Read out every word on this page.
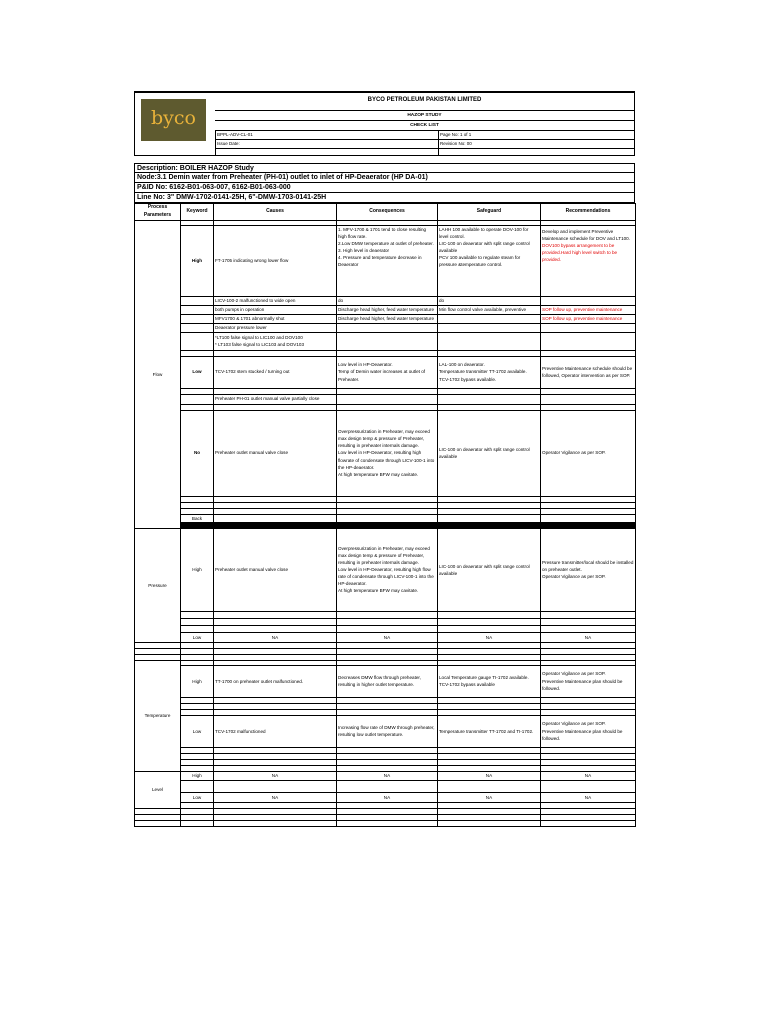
byco
BYCO PETROLEUM PAKISTAN LIMITED
HAZOP STUDY
CHECK LIST
BPPL-ADV-CL-01	Page No: 1 of 1
Issue Date:	Revision No: 00
Description: BOILER HAZOP Study
Node:3.1 Demin water from Preheater (PH-01) outlet to inlet of HP-Deaerator (HP DA-01)
P&ID No: 6162-B01-063-007, 6162-B01-063-000
Line No: 3" DMW-1702-0141-25H, 6"-DMW-1703-0141-25H
Process Parameters	Keyword	Causes	Consequences	Safeguard	Recommendations
Flow					
	High	FT-1705 indicating wrong lower flow	1. MFV-1700 & 1701 tend to close resulting high flow rate.
2.Low DMW temperature at outlet of preheater.
3. High level in deaerator
4. Pressure and temperature decrease in Deaerator	LAHH 100 available to operate DOV-100 for level control.
LIC-100 on deaerator with split range control available
PCV 100 available to regulate steam for pressure &temperature control.	Develop and implement Preventive Maintenance schedule for DOV and LT100. DOV100 bypass arrangement to be provided.Hard high level switch to be provided.
		LICV-100-2 malfunctioned to wide open	do	do	
		both pumps in operation	Discharge head higher, feed water temperature	Min flow control valve available, preventive	SOP follow up, preventive maintenance
		MFV1700 & 1701 abnormally shut	Discharge head higher, feed water temperature		SOP follow up, preventive maintenance
		Deaerator pressure lower			
		*LT100 false signal to LIC100 and DOV100
* LT103 false signal to LIC103 and DOV103			

	Low	TCV-1702 stem stucked / turning out	Low level in HP-Deaerator.
Temp of Demin water increases at outlet of Preheater.	LAL-100 on deaerator.
Temperature transmitter TT-1702 available.
TCV-1702 bypass available.	Preventive Maintenance schedule should be followed, Operator intervention as per SOP.

		Preheater PH-01 outlet manual valve partially close			

	No	Preheater outlet manual valve close	Overpressurization in Preheater, may exceed max design temp & pressure of Preheater, resulting in preheater internals damage.
Low level in HP-Deaerator, resulting high flowrate of condensate through LICV-100-1 into the HP-deaerator.
At high temperature BFW may cavitate.	LIC-100 on deaerator with split range control available	Operator Vigilance as per SOP.

	Back				

Pressure	High	Preheater outlet manual valve close	Overpressurization in Preheater, may exceed max design temp & pressure of Preheater, resulting in preheater internals damage.
Low level in HP-Deaerator, resulting high flow rate of condensate through LICV-100-1 into the HP-deaerator.
At high temperature BFW may cavitate.	LIC-100 on deaerator with split range control available	Pressure transmitter/local should be installed on preheater outlet.
Operator Vigilance as per SOP.

	Low	NA	NA	NA	NA

Temperature					
	High	TT-1700 on preheater outlet malfunctioned.	Decreases DMW flow through preheater, resulting in higher outlet temperature.	Local Temperature gauge TI-1702 available.
TCV-1702 bypass available	Operator Vigilance as per SOP.
Preventive Maintenance plan should be followed.

	Low	TCV-1702 malfunctioned	Increasing flow rate of DMW through preheater, resulting low outlet temperature.	Temperature transmitter TT-1702 and TI-1702.	Operator Vigilance as per SOP.
Preventive Maintenance plan should be followed.

Level	High	NA	NA	NA	NA

	Low	NA	NA	NA	NA
